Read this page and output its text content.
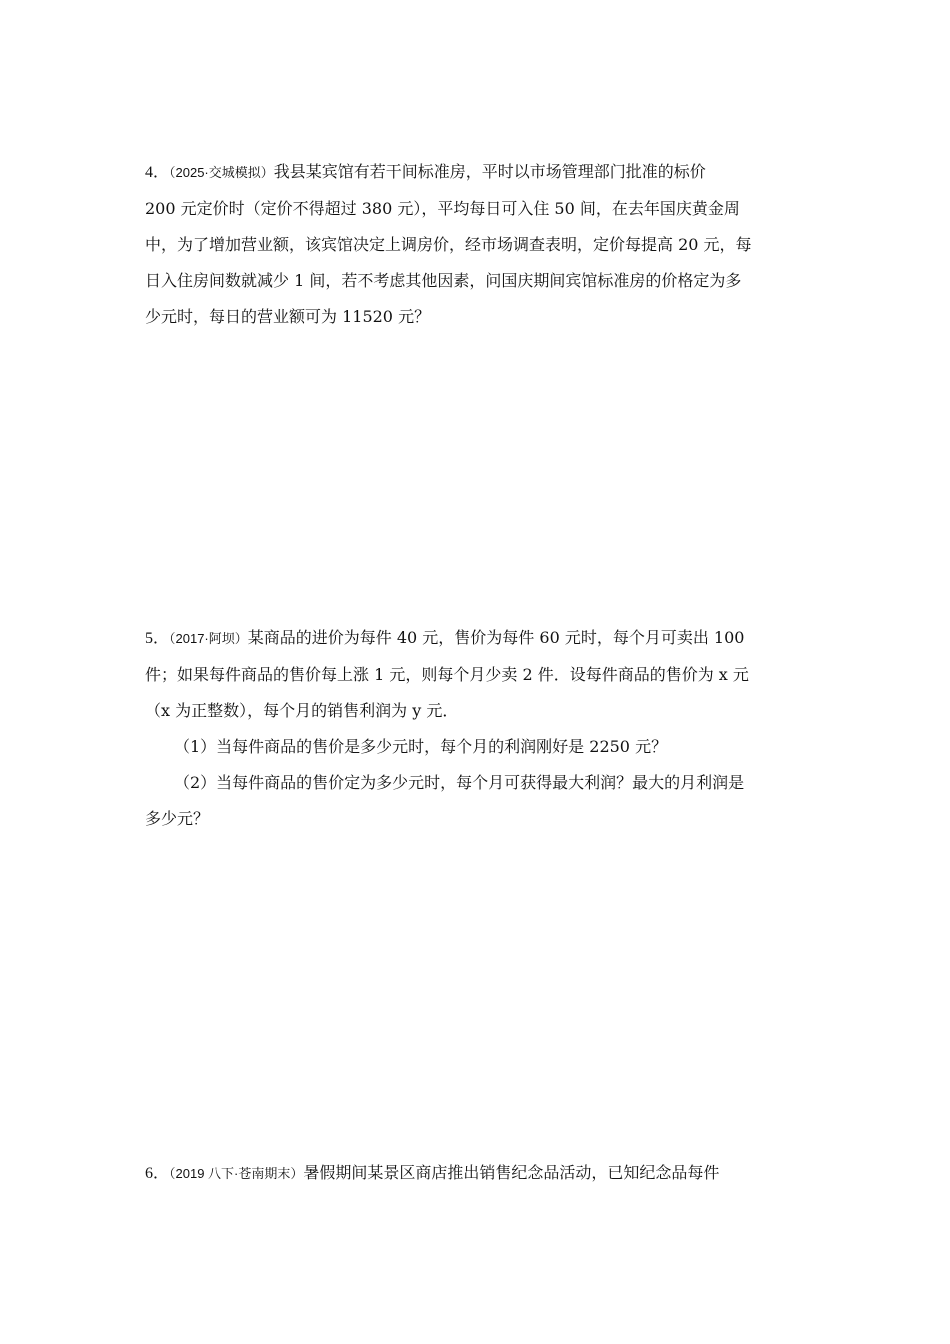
4．（2025·交城模拟）我县某宾馆有若干间标准房，平时以市场管理部门批准的标价
200 元定价时（定价不得超过 380 元），平均每日可入住 50 间，在去年国庆黄金周
中，为了增加营业额，该宾馆决定上调房价，经市场调查表明，定价每提高 20 元，每
日入住房间数就减少 1 间，若不考虑其他因素，问国庆期间宾馆标准房的价格定为多
少元时，每日的营业额可为 11520 元？
5．（2017·阿坝）某商品的进价为每件 40 元，售价为每件 60 元时，每个月可卖出 100
件；如果每件商品的售价每上涨 1 元，则每个月少卖 2 件．设每件商品的售价为 x 元
（x 为正整数），每个月的销售利润为 y 元．
（1）当每件商品的售价是多少元时，每个月的利润刚好是 2250 元？
（2）当每件商品的售价定为多少元时，每个月可获得最大利润？最大的月利润是
多少元？
6．（2019 八下·苍南期末）暑假期间某景区商店推出销售纪念品活动，已知纪念品每件
